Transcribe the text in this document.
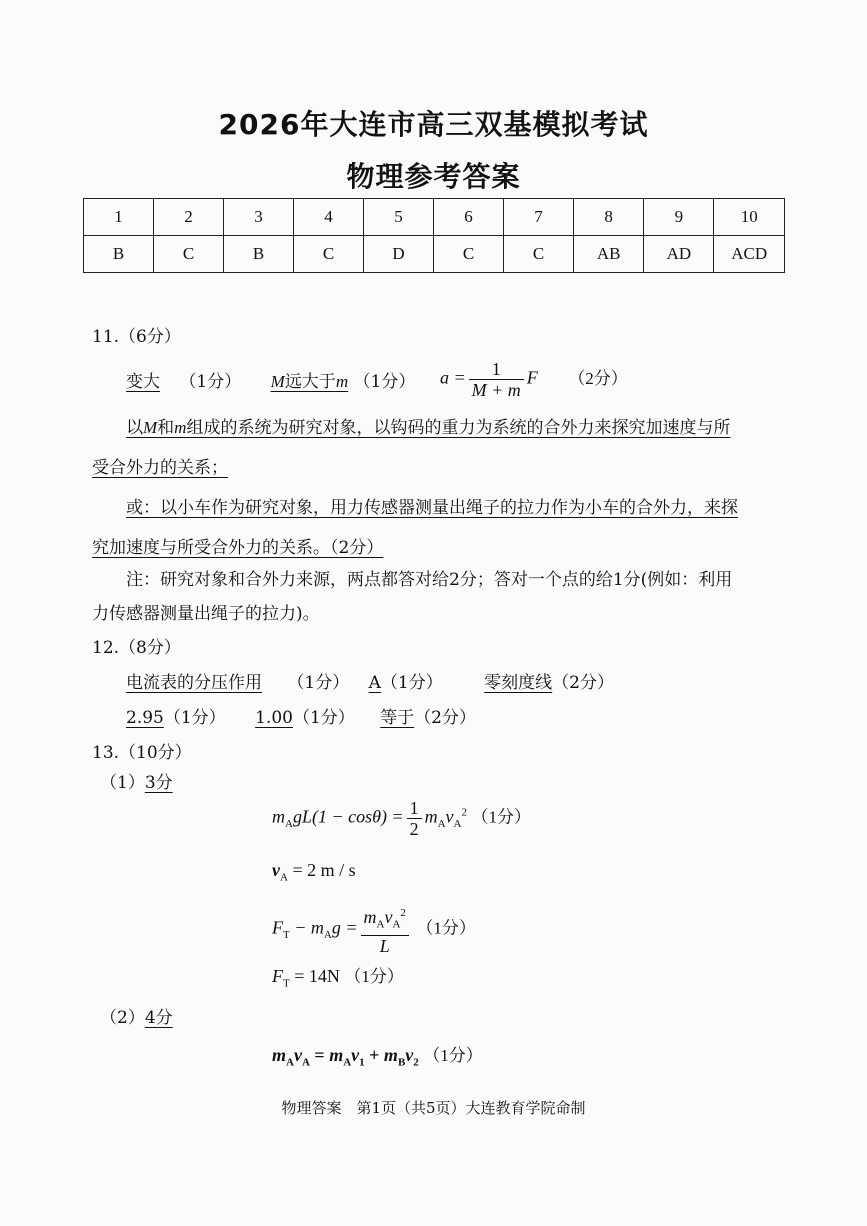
2026年大连市高三双基模拟考试
物理参考答案
1	2	3	4	5	6	7	8	9	10
B	C	B	C	D	C	C	AB	AD	ACD
11.（6分）
变大 （1分） M远大于m （1分） $a = \frac{1}{M + m}$ F （2分）
以M和m组成的系统为研究对象，以钩码的重力为系统的合外力来探究加速度与所
受合外力的关系；
或：以小车作为研究对象，用力传感器测量出绳子的拉力作为小车的合外力，来探
究加速度与所受合外力的关系。（2分）
注：研究对象和合外力来源，两点都答对给2分；答对一个点的给1分(例如：利用
力传感器测量出绳子的拉力)。
12.（8分）
电流表的分压作用 （1分） A（1分） 零刻度线（2分）
2.95（1分） 1.00（1分） 等于（2分）
13.（10分）
（1）3分
$m_AgL(1 - \cos\theta) = \frac{1}{2} m_Av_A^2$ （1分）
$v_A = 2$ m / s
$F_T - m_Ag = \frac{m_Av_A^2}{L} (1$分）
$F_T = 14N$ （1分）
（2）4分
$m_Av_A = m_Av_1 + m_Bv_2$ （1分）
物理答案　第1页（共5页）大连教育学院命制
